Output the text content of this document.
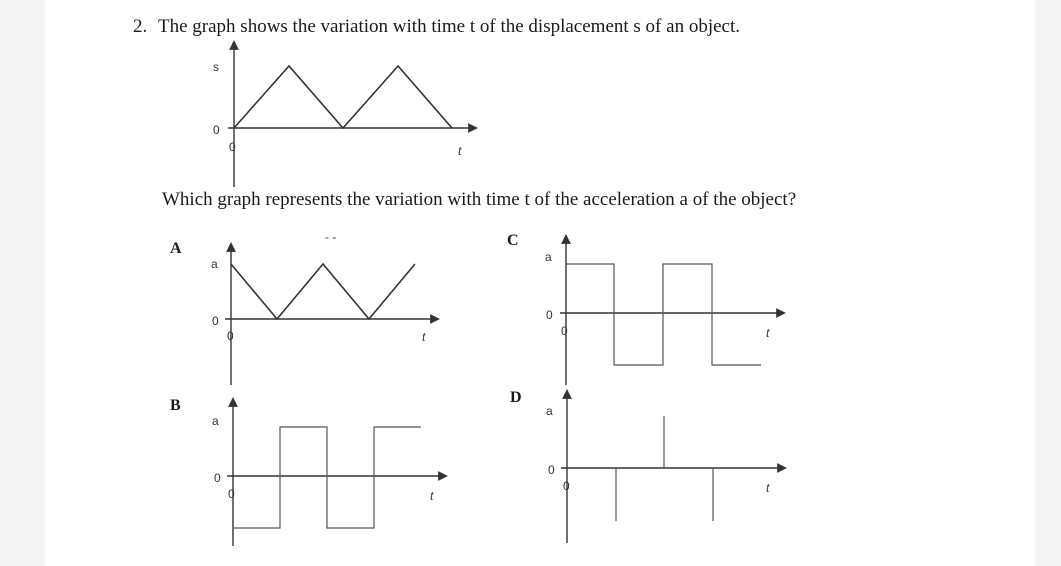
2. The graph shows the variation with time t of the displacement s of an object.

Which graph represents the variation with time t of the acceleration a of the object?

A
B
C
D
s
0
0	t
- -
a
0
0	t
a
0
0	t
a
0
0	t
a
0
0	t
